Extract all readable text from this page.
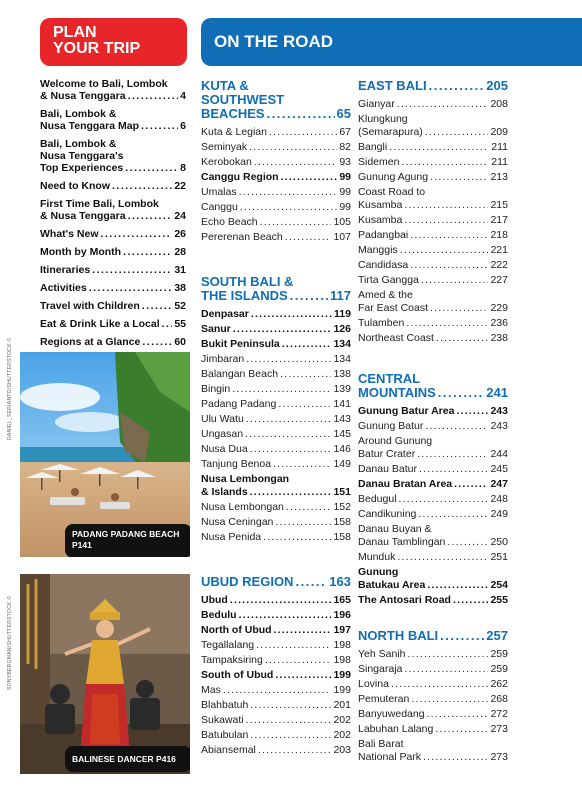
PLAN
YOUR TRIP	ON THE ROAD
Welcome to Bali, Lombok
& Nusa Tenggara .....	4
Bali, Lombok &
Nusa Tenggara Map .....	6
Bali, Lombok &
Nusa Tenggara's
Top Experiences .....	8
Need to Know .....	22
First Time Bali, Lombok
& Nusa Tenggara .....	24
What's New .....	26
Month by Month .....	28
Itineraries .....	31
Activities .....	38
Travel with Children .....	52
Eat & Drink Like a Local ..... 55
Regions at a Glance .....	60
PADANG PADANG BEACH
P141
DANIEL_SERIANTO/SHUTTERSTOCK ©
BALINESE DANCER P416
SONYBERGMAN/SHUTTERSTOCK ©
KUTA &
SOUTHWEST
BEACHES .....	65
Kuta & Legian .....	67
Seminyak .....	82
Kerobokan .....	93
Canggu Region .....	99
Umalas .....	99
Canggu .....	99
Echo Beach .....	105
Pererenan Beach .....	107
SOUTH BALI &
THE ISLANDS .....	117
Denpasar .....	119
Sanur .....	126
Bukit Peninsula .....	134
Jimbaran .....	134
Balangan Beach .....	138
Bingin .....	139
Padang Padang .....	141
Ulu Watu .....	143
Ungasan .....	145
Nusa Dua .....	146
Tanjung Benoa .....	149
Nusa Lembongan
& Islands .....	151
Nusa Lembongan .....	152
Nusa Ceningan .....	158
Nusa Penida .....	158
UBUD REGION .....	163
Ubud .....	165
Bedulu .....	196
North of Ubud .....	197
Tegallalang .....	198
Tampaksiring .....	198
South of Ubud .....	199
Mas .....	199
Blahbatuh .....	201
Sukawati .....	202
Batubulan .....	202
Abiansemal .....	203
EAST BALI .....	205
Gianyar .....	208
Klungkung
(Semarapura) .....	209
Bangli .....	211
Sidemen .....	211
Gunung Agung .....	213
Coast Road to
Kusamba .....	215
Kusamba .....	217
Padangbai .....	218
Manggis .....	221
Candidasa .....	222
Tirta Gangga .....	227
Amed & the
Far East Coast .....	229
Tulamben .....	236
Northeast Coast .....	238
CENTRAL
MOUNTAINS .....	241
Gunung Batur Area .....	243
Gunung Batur .....	243
Around Gunung
Batur Crater .....	244
Danau Batur .....	245
Danau Bratan Area .....	247
Bedugul .....	248
Candikuning .....	249
Danau Buyan &
Danau Tamblingan .....	250
Munduk .....	251
Gunung
Batukau Area .....	254
The Antosari Road .....	255
NORTH BALI .....	257
Yeh Sanih .....	259
Singaraja .....	259
Lovina .....	262
Pemuteran .....	268
Banyuwedang .....	272
Labuhan Lalang .....	273
Bali Barat
National Park .....	273
